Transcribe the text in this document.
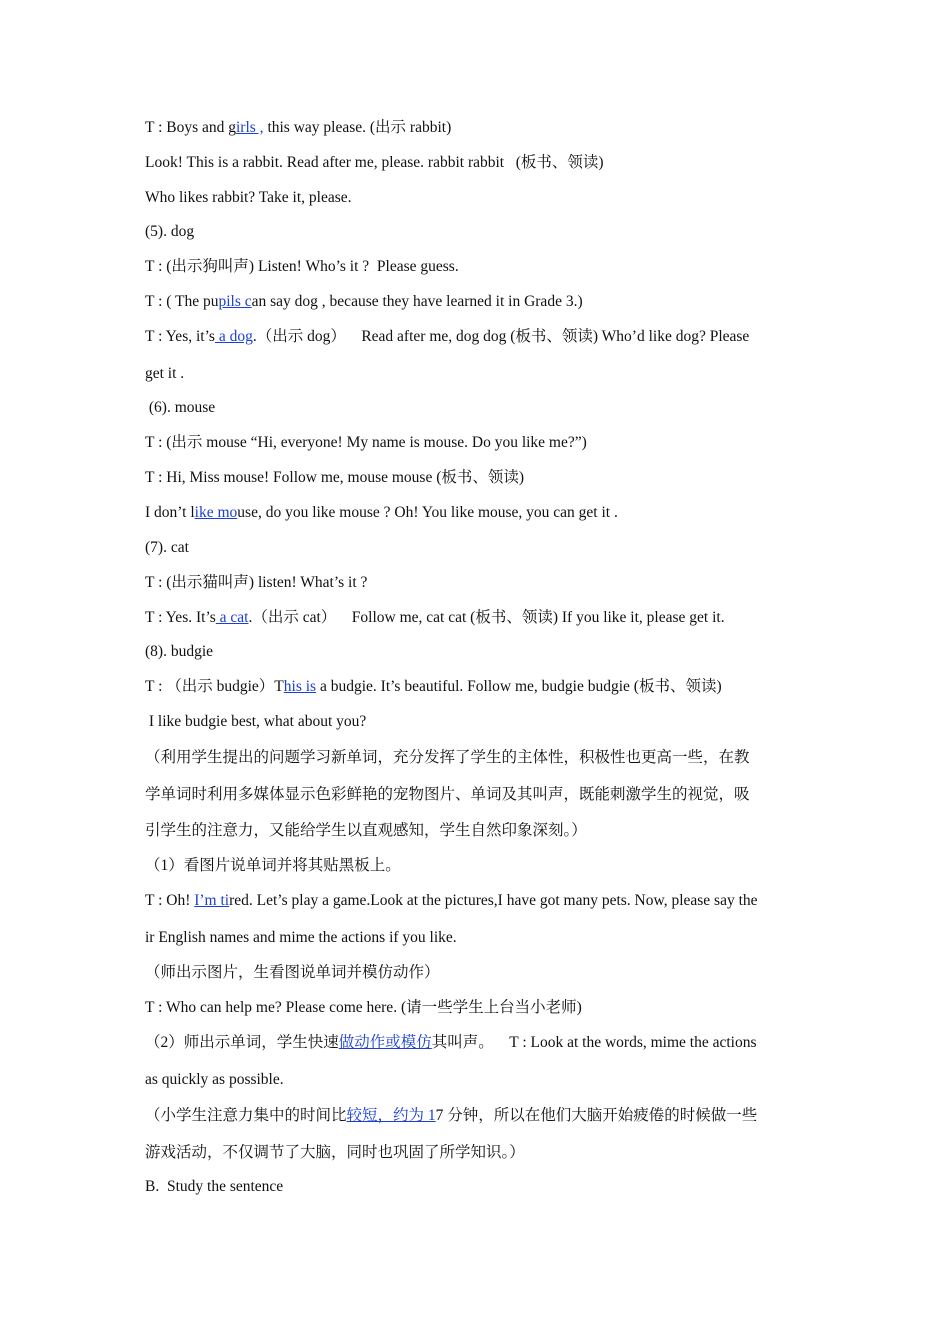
T : Boys and girls , this way please. (出示 rabbit)
Look! This is a rabbit. Read after me, please. rabbit rabbit   (板书、领读)
Who likes rabbit? Take it, please.
(5). dog
T : (出示狗叫声) Listen! Who’s it ?  Please guess.
T : ( The pupils can say dog , because they have learned it in Grade 3.)
T : Yes, it’s a dog.（出示 dog）    Read after me, dog dog (板书、领读) Who’d like dog? Please
get it .
(6). mouse
T : (出示 mouse “Hi, everyone! My name is mouse. Do you like me?”)
T : Hi, Miss mouse! Follow me, mouse mouse (板书、领读)
I don’t like mouse, do you like mouse ? Oh! You like mouse, you can get it .
(7). cat
T : (出示猫叫声) listen! What’s it ?
T : Yes. It’s a cat.（出示 cat）    Follow me, cat cat (板书、领读) If you like it, please get it.
(8). budgie
T : （出示 budgie）This is a budgie. It’s beautiful. Follow me, budgie budgie (板书、领读)
I like budgie best, what about you?
（利用学生提出的问题学习新单词，充分发挥了学生的主体性，积极性也更高一些，在教
学单词时利用多媒体显示色彩鲜艳的宠物图片、单词及其叫声，既能刺激学生的视觉，吸
引学生的注意力，又能给学生以直观感知，学生自然印象深刻。）
（1）看图片说单词并将其贴黑板上。
T : Oh! I’m tired. Let’s play a game.Look at the pictures,I have got many pets. Now, please say the
ir English names and mime the actions if you like.
（师出示图片，生看图说单词并模仿动作）
T : Who can help me? Please come here. (请一些学生上台当小老师)
（2）师出示单词，学生快速做动作或模仿其叫声。    T : Look at the words, mime the actions
as quickly as possible.
（小学生注意力集中的时间比较短，约为 17 分钟，所以在他们大脑开始疲倦的时候做一些
游戏活动，不仅调节了大脑，同时也巩固了所学知识。）
B.  Study the sentence
